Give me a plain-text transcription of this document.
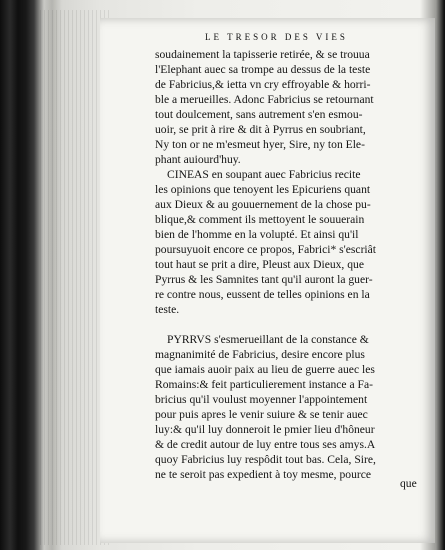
LE TRESOR DES VIES
soudainement la tapisserie retirée, & se trouua
l'Elephant auec sa trompe au dessus de la teste
de Fabricius,& ietta vn cry effroyable & horri-
ble a merueilles. Adonc Fabricius se retournant
tout doulcement, sans autrement s'en esmou-
uoir, se prit à rire & dit à Pyrrus en soubriant,
Ny ton or ne m'esmeut hyer, Sire, ny ton Ele-
phant auiourd'huy.
CINEAS en soupant auec Fabricius recite
les opinions que tenoyent les Epicuriens quant
aux Dieux & au gouuernement de la chose pu-
blique,& comment ils mettoyent le souuerain
bien de l'homme en la volupté. Et ainsi qu'il
poursuyuoit encore ce propos, Fabrici* s'escriât
tout haut se prit a dire, Pleust aux Dieux, que
Pyrrus & les Samnites tant qu'il auront la guer-
re contre nous, eussent de telles opinions en la
teste.
PYRRVS s'esmerueillant de la constance &
magnanimité de Fabricius, desire encore plus
que iamais auoir paix au lieu de guerre auec les
Romains:& feit particulierement instance a Fa-
bricius qu'il voulust moyenner l'appointement
pour puis apres le venir suiure & se tenir auec
luy:& qu'il luy donneroit le pmier lieu d'hôneur
& de credit autour de luy entre tous ses amys.A
quoy Fabricius luy respôdit tout bas. Cela, Sire,
ne te seroit pas expedient à toy mesme, pource
que
